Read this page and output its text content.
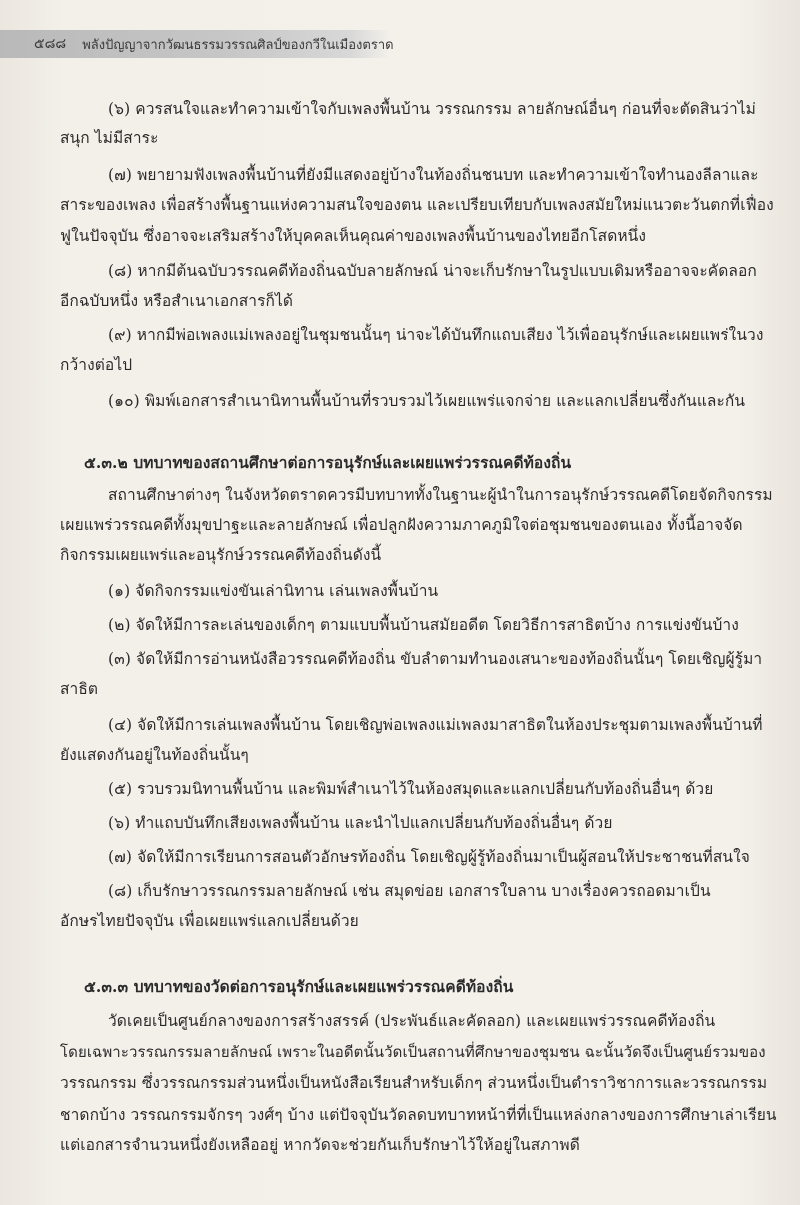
๕๘๘ พลังปัญญาจากวัฒนธรรมวรรณศิลป์ของกวีในเมืองตราด
(๖) ควรสนใจและทำความเข้าใจกับเพลงพื้นบ้าน วรรณกรรม ลายลักษณ์อื่นๆ ก่อนที่จะตัดสินว่าไม่
สนุก ไม่มีสาระ
(๗) พยายามฟังเพลงพื้นบ้านที่ยังมีแสดงอยู่บ้างในท้องถิ่นชนบท และทำความเข้าใจทำนองลีลาและ
สาระของเพลง เพื่อสร้างพื้นฐานแห่งความสนใจของตน และเปรียบเทียบกับเพลงสมัยใหม่แนวตะวันตกที่เฟื่อง
ฟูในปัจจุบัน ซึ่งอาจจะเสริมสร้างให้บุคคลเห็นคุณค่าของเพลงพื้นบ้านของไทยอีกโสดหนึ่ง
(๘) หากมีต้นฉบับวรรณคดีท้องถิ่นฉบับลายลักษณ์ น่าจะเก็บรักษาในรูปแบบเดิมหรืออาจจะคัดลอก
อีกฉบับหนึ่ง หรือสำเนาเอกสารก็ได้
(๙) หากมีพ่อเพลงแม่เพลงอยู่ในชุมชนนั้นๆ น่าจะได้บันทึกแถบเสียง ไว้เพื่ออนุรักษ์และเผยแพร่ในวง
กว้างต่อไป
(๑๐) พิมพ์เอกสารสำเนานิทานพื้นบ้านที่รวบรวมไว้เผยแพร่แจกจ่าย และแลกเปลี่ยนซึ่งกันและกัน
๕.๓.๒ บทบาทของสถานศึกษาต่อการอนุรักษ์และเผยแพร่วรรณคดีท้องถิ่น
สถานศึกษาต่างๆ ในจังหวัดตราดควรมีบทบาททั้งในฐานะผู้นำในการอนุรักษ์วรรณคดีโดยจัดกิจกรรม
เผยแพร่วรรณคดีทั้งมุขปาฐะและลายลักษณ์ เพื่อปลูกฝังความภาคภูมิใจต่อชุมชนของตนเอง ทั้งนี้อาจจัด
กิจกรรมเผยแพร่และอนุรักษ์วรรณคดีท้องถิ่นดังนี้
(๑) จัดกิจกรรมแข่งขันเล่านิทาน เล่นเพลงพื้นบ้าน
(๒) จัดให้มีการละเล่นของเด็กๆ ตามแบบพื้นบ้านสมัยอดีต โดยวิธีการสาธิตบ้าง การแข่งขันบ้าง
(๓) จัดให้มีการอ่านหนังสือวรรณคดีท้องถิ่น ขับลำตามทำนองเสนาะของท้องถิ่นนั้นๆ โดยเชิญผู้รู้มา
สาธิต
(๔) จัดให้มีการเล่นเพลงพื้นบ้าน โดยเชิญพ่อเพลงแม่เพลงมาสาธิตในห้องประชุมตามเพลงพื้นบ้านที่
ยังแสดงกันอยู่ในท้องถิ่นนั้นๆ
(๕) รวบรวมนิทานพื้นบ้าน และพิมพ์สำเนาไว้ในห้องสมุดและแลกเปลี่ยนกับท้องถิ่นอื่นๆ ด้วย
(๖) ทำแถบบันทึกเสียงเพลงพื้นบ้าน และนำไปแลกเปลี่ยนกับท้องถิ่นอื่นๆ ด้วย
(๗) จัดให้มีการเรียนการสอนตัวอักษรท้องถิ่น โดยเชิญผู้รู้ท้องถิ่นมาเป็นผู้สอนให้ประชาชนที่สนใจ
(๘) เก็บรักษาวรรณกรรมลายลักษณ์ เช่น สมุดข่อย เอกสารใบลาน บางเรื่องควรถอดมาเป็น
อักษรไทยปัจจุบัน เพื่อเผยแพร่แลกเปลี่ยนด้วย
๕.๓.๓ บทบาทของวัดต่อการอนุรักษ์และเผยแพร่วรรณคดีท้องถิ่น
วัดเคยเป็นศูนย์กลางของการสร้างสรรค์ (ประพันธ์และคัดลอก) และเผยแพร่วรรณคดีท้องถิ่น
โดยเฉพาะวรรณกรรมลายลักษณ์ เพราะในอดีตนั้นวัดเป็นสถานที่ศึกษาของชุมชน ฉะนั้นวัดจึงเป็นศูนย์รวมของ
วรรณกรรม ซึ่งวรรณกรรมส่วนหนึ่งเป็นหนังสือเรียนสำหรับเด็กๆ ส่วนหนึ่งเป็นตำราวิชาการและวรรณกรรม
ชาดกบ้าง วรรณกรรมจักรๆ วงศ์ๆ บ้าง แต่ปัจจุบันวัดลดบทบาทหน้าที่ที่เป็นแหล่งกลางของการศึกษาเล่าเรียน
แต่เอกสารจำนวนหนึ่งยังเหลืออยู่ หากวัดจะช่วยกันเก็บรักษาไว้ให้อยู่ในสภาพดี
